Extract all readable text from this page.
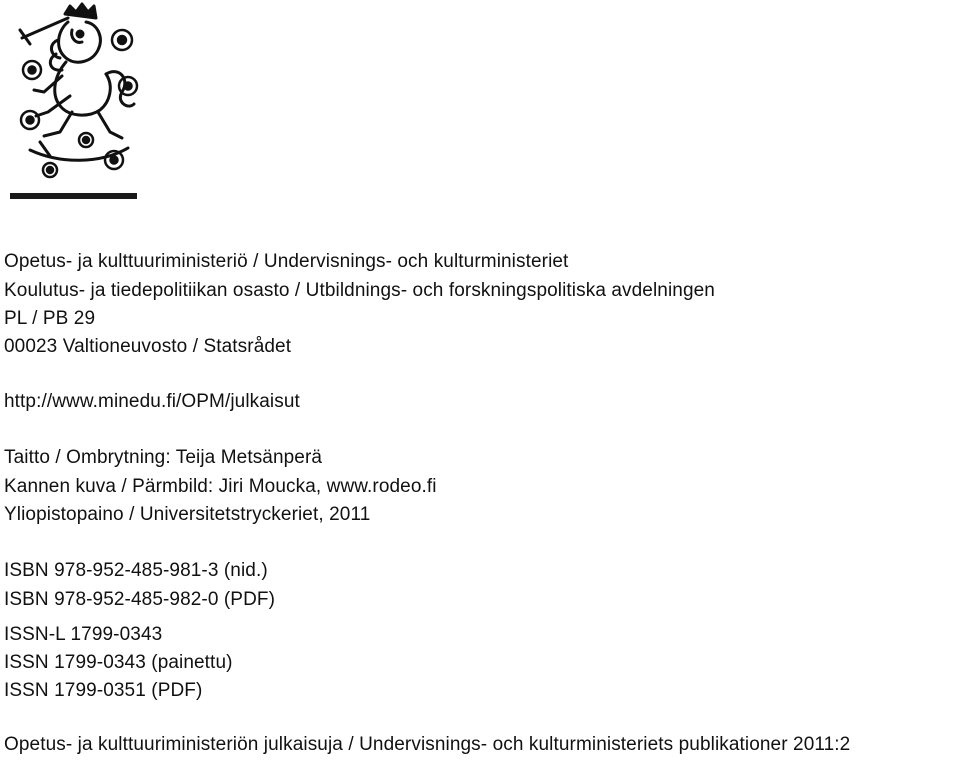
Opetus- ja kulttuuriministeriö / Undervisnings- och kulturministeriet
Koulutus- ja tiedepolitiikan osasto / Utbildnings- och forskningspolitiska avdelningen
PL / PB 29
00023 Valtioneuvosto / Statsrådet
http://www.minedu.fi/OPM/julkaisut
Taitto / Ombrytning: Teija Metsänperä
Kannen kuva / Pärmbild: Jiri Moucka, www.rodeo.fi
Yliopistopaino / Universitetstryckeriet, 2011
ISBN 978-952-485-981-3 (nid.)
ISBN 978-952-485-982-0 (PDF)
ISSN-L 1799-0343
ISSN 1799-0343 (painettu)
ISSN 1799-0351 (PDF)
Opetus- ja kulttuuriministeriön julkaisuja / Undervisnings- och kulturministeriets publikationer 2011:2
